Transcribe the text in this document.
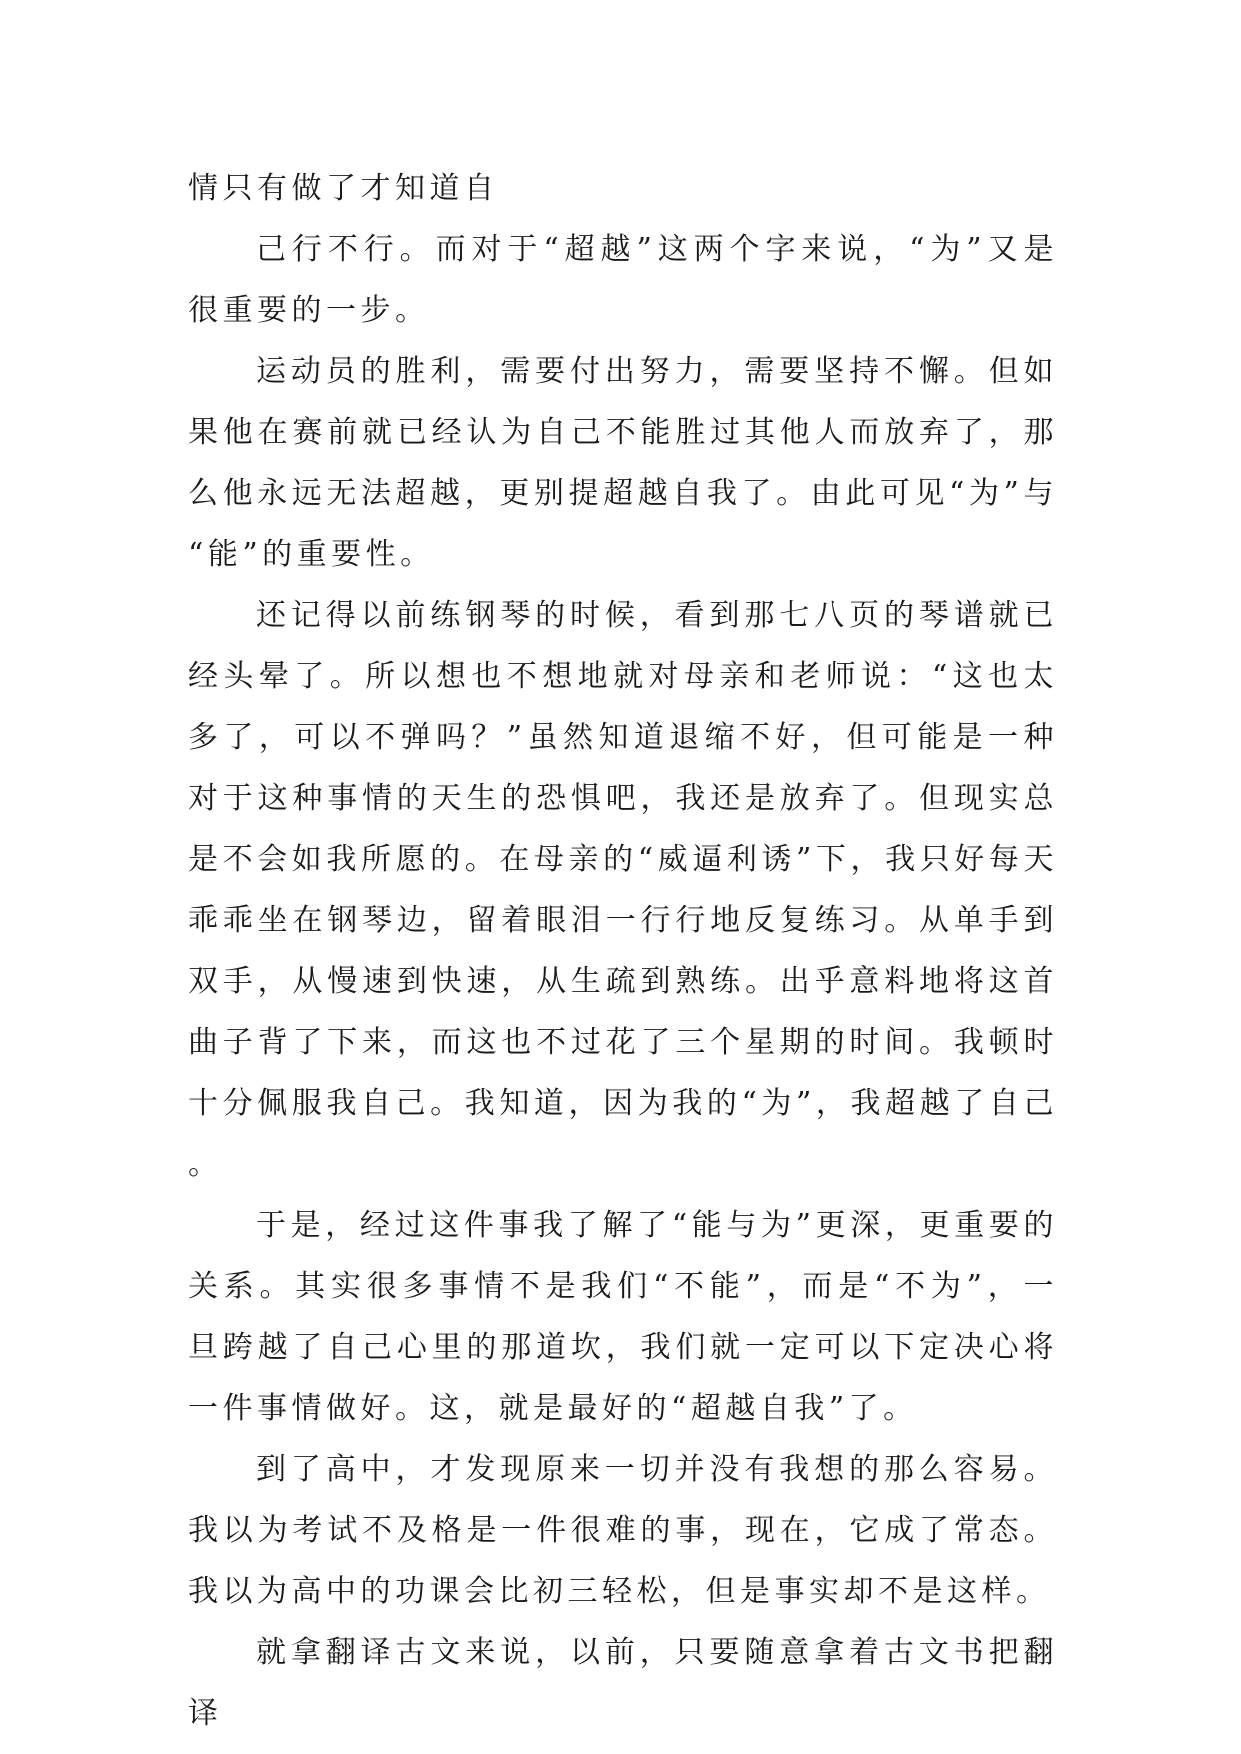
情只有做了才知道自

己行不行。而对于“超越”这两个字来说，“为”又是很重要的一步。

运动员的胜利，需要付出努力，需要坚持不懈。但如果他在赛前就已经认为自己不能胜过其他人而放弃了，那么他永远无法超越，更别提超越自我了。由此可见“为”与“能”的重要性。

还记得以前练钢琴的时候，看到那七八页的琴谱就已经头晕了。所以想也不想地就对母亲和老师说：“这也太多了，可以不弹吗？”虽然知道退缩不好，但可能是一种对于这种事情的天生的恐惧吧，我还是放弃了。但现实总是不会如我所愿的。在母亲的“威逼利诱”下，我只好每天乖乖坐在钢琴边，留着眼泪一行行地反复练习。从单手到双手，从慢速到快速，从生疏到熟练。出乎意料地将这首曲子背了下来，而这也不过花了三个星期的时间。我顿时十分佩服我自己。我知道，因为我的“为”，我超越了自己。

于是，经过这件事我了解了“能与为”更深，更重要的关系。其实很多事情不是我们“不能”，而是“不为”，一旦跨越了自己心里的那道坎，我们就一定可以下定决心将一件事情做好。这，就是最好的“超越自我”了。

到了高中，才发现原来一切并没有我想的那么容易。我以为考试不及格是一件很难的事，现在，它成了常态。我以为高中的功课会比初三轻松，但是事实却不是这样。

就拿翻译古文来说，以前，只要随意拿着古文书把翻译
